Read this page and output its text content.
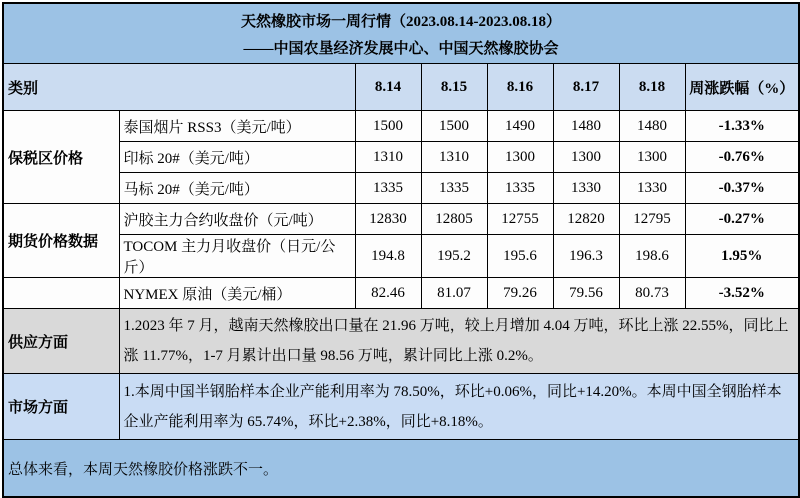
天然橡胶市场一周行情（2023.08.14-2023.08.18）
——中国农垦经济发展中心、中国天然橡胶协会							

类别		8.14	8.15	8.16	8.17	8.18	周涨跌幅（%）
保税区价格	泰国烟片 RSS3（美元/吨）	1500	1500	1490	1480	1480	-1.33%
	印标 20#（美元/吨）	1310	1310	1300	1300	1300	-0.76%
	马标 20#（美元/吨）	1335	1335	1335	1330	1330	-0.37%
期货价格数据	沪胶主力合约收盘价（元/吨）	12830	12805	12755	12820	12795	-0.27%
	TOCOM 主力月收盘价（日元/公斤）	194.8	195.2	195.6	196.3	198.6	1.95%
	NYMEX 原油（美元/桶）	82.46	81.07	79.26	79.56	80.73	-3.52%
供应方面	1.2023 年 7 月，越南天然橡胶出口量在 21.96 万吨，较上月增加 4.04 万吨，环比上涨 22.55%，同比上涨 11.77%，1-7 月累计出口量 98.56 万吨，累计同比上涨 0.2%。						

市场方面	1.本周中国半钢胎样本企业产能利用率为 78.50%，环比+0.06%，同比+14.20%。本周中国全钢胎样本企业产能利用率为 65.74%，环比+2.38%，同比+8.18%。						

总体来看，本周天然橡胶价格涨跌不一。							
